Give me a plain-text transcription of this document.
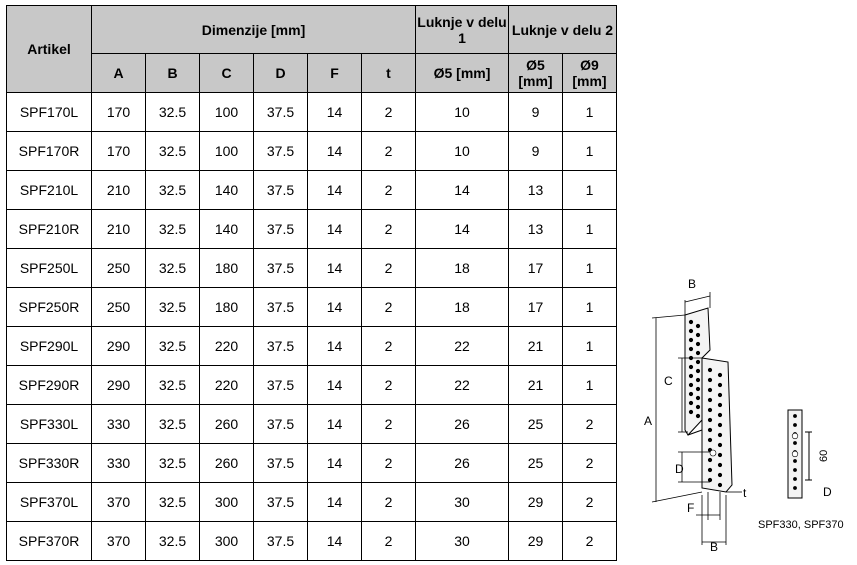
Artikel	Dimenzije [mm]						Luknje v delu 1	Luknje v delu 2	
	A	B	C	D	F	t	Ø5 [mm]	Ø5 [mm]	Ø9 [mm]
SPF170L	170	32.5	100	37.5	14	2	10	9	1
SPF170R	170	32.5	100	37.5	14	2	10	9	1
SPF210L	210	32.5	140	37.5	14	2	14	13	1
SPF210R	210	32.5	140	37.5	14	2	14	13	1
SPF250L	250	32.5	180	37.5	14	2	18	17	1
SPF250R	250	32.5	180	37.5	14	2	18	17	1
SPF290L	290	32.5	220	37.5	14	2	22	21	1
SPF290R	290	32.5	220	37.5	14	2	22	21	1
SPF330L	330	32.5	260	37.5	14	2	26	25	2
SPF330R	330	32.5	260	37.5	14	2	26	25	2
SPF370L	370	32.5	300	37.5	14	2	30	29	2
SPF370R	370	32.5	300	37.5	14	2	30	29	2
B
C
A
D
t
F
B
60
D
SPF330, SPF370
